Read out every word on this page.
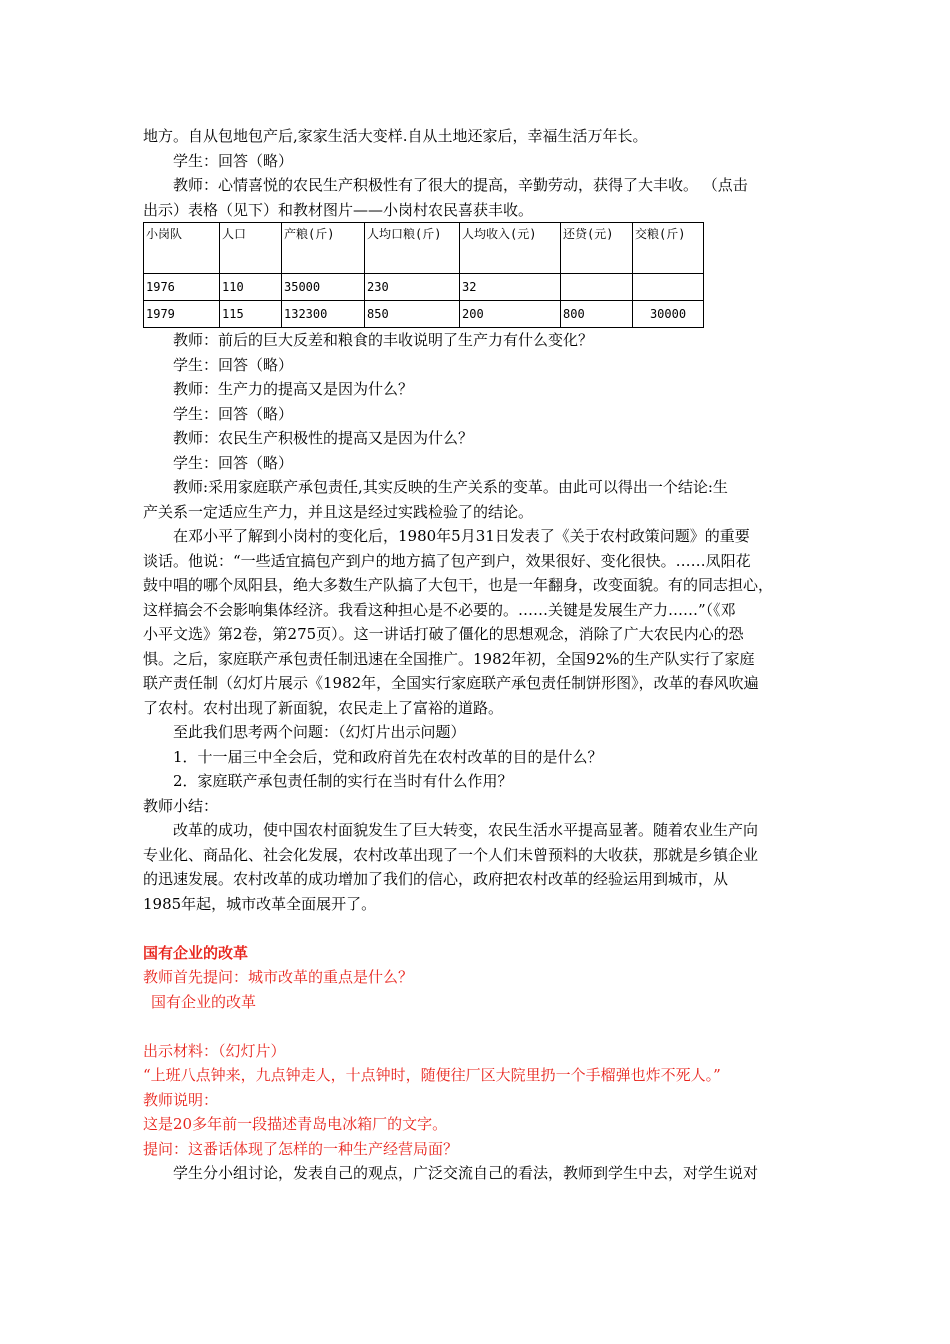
地方。自从包地包产后,家家生活大变样.自从土地还家后，幸福生活万年长。

学生：回答（略）

教师：心情喜悦的农民生产积极性有了很大的提高，辛勤劳动，获得了大丰收。 （点击

出示）表格（见下）和教材图片——小岗村农民喜获丰收。

小岗队	人口	产粮(斤)	人均口粮(斤)	人均收入(元)	还贷(元)	交粮(斤)
1976	110	35000	230	32		
1979	115	132300	850	200	800	30000

教师：前后的巨大反差和粮食的丰收说明了生产力有什么变化？

学生：回答（略）

教师：生产力的提高又是因为什么？

学生：回答（略）

教师：农民生产积极性的提高又是因为什么？

学生：回答（略）

教师:采用家庭联产承包责任,其实反映的生产关系的变革。由此可以得出一个结论:生

产关系一定适应生产力，并且这是经过实践检验了的结论。

在邓小平了解到小岗村的变化后，1980年5月31日发表了《关于农村政策问题》的重要

谈话。他说：“一些适宜搞包产到户的地方搞了包产到户，效果很好、变化很快。……凤阳花

鼓中唱的哪个凤阳县，绝大多数生产队搞了大包干，也是一年翻身，改变面貌。有的同志担心，

这样搞会不会影响集体经济。我看这种担心是不必要的。……关键是发展生产力……”（《邓

小平文选》第2卷，第275页）。这一讲话打破了僵化的思想观念，消除了广大农民内心的恐

惧。之后，家庭联产承包责任制迅速在全国推广。1982年初，全国92%的生产队实行了家庭

联产责任制（幻灯片展示《1982年，全国实行家庭联产承包责任制饼形图》，改革的春风吹遍

了农村。农村出现了新面貌，农民走上了富裕的道路。

至此我们思考两个问题：（幻灯片出示问题）

1．十一届三中全会后，党和政府首先在农村改革的目的是什么？

2．家庭联产承包责任制的实行在当时有什么作用？

教师小结：

改革的成功，使中国农村面貌发生了巨大转变，农民生活水平提高显著。随着农业生产向

专业化、商品化、社会化发展，农村改革出现了一个人们未曾预料的大收获，那就是乡镇企业

的迅速发展。农村改革的成功增加了我们的信心，政府把农村改革的经验运用到城市，从

1985年起，城市改革全面展开了。

国有企业的改革

教师首先提问：城市改革的重点是什么？

国有企业的改革

出示材料：（幻灯片）

“上班八点钟来，九点钟走人，十点钟时，随便往厂区大院里扔一个手榴弹也炸不死人。”

教师说明：

这是20多年前一段描述青岛电冰箱厂的文字。

提问：这番话体现了怎样的一种生产经营局面？

学生分小组讨论，发表自己的观点，广泛交流自己的看法，教师到学生中去，对学生说对
